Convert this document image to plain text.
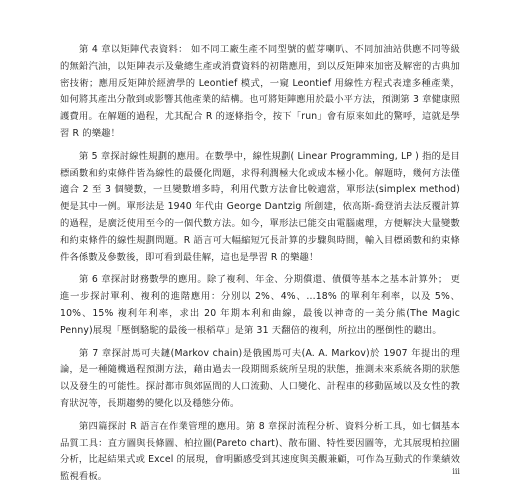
第 4 章以矩陣代表資料： 如不同工廠生產不同型號的藍芽喇叭、不同加油站供應不同等級的無鉛汽油，以矩陣表示及彙總生產或消費資料的初階應用，到以反矩陣來加密及解密的古典加密技術；應用反矩陣於經濟學的 Leontief 模式，一窺 Leontief 用線性方程式表達多種產業，如何將其產出分散到或影響其他產業的結構。也可將矩陣應用於最小平方法，預測第 3 章健康照護費用。在解題的過程，尤其配合 R 的逐條指令，按下「run」會有原來如此的驚呼，這就是學習 R 的樂趣！

第 5 章探討線性規劃的應用。在數學中，線性規劃( Linear Programming, LP ) 指的是目標函數和約束條件皆為線性的最優化問題，求得利潤極大化或成本極小化。解題時，幾何方法僅適合 2 至 3 個變數，一旦變數增多時，利用代數方法會比較適當，單形法(simplex method)便是其中一例。單形法是 1940 年代由 George Dantzig 所創建，依高斯-喬登消去法反覆計算的過程，是廣泛使用至今的一個代數方法。如今，單形法已能交由電腦處理，方便解決大量變數和約束條件的線性規劃問題。R 語言可大幅縮短冗長計算的步驟與時間，輸入目標函數和約束條件各係數及參數後，即可看到最佳解，這也是學習 R 的樂趣！

第 6 章探討財務數學的應用。除了複利、年金、分期償還、債價等基本之基本計算外； 更進一步探討單利、複利的進階應用：分別以 2%、4%、...18% 的單利年利率，以及 5%、10%、15% 複利年利率，求出 20 年期本利和曲線，最後以神奇的一美分熊(The Magic Penny)展現「壓倒駱駝的最後一根稻草」是第 31 天翻倍的複利，所拉出的壓倒性的聽出。

第 7 章探討馬可夫鏈(Markov chain)是俄國馬可夫(A. A. Markov)於 1907 年提出的理論，是一種隨機過程預測方法，藉由過去一段期間系統所呈現的狀態，推測未來系統各期的狀態以及發生的可能性。探討都市與郊區間的人口流動、人口變化、計程車的移動區域以及女性的教育狀況等，長期趨勢的變化以及穩態分佈。

第四篇探討 R 語言在作業管理的應用。第 8 章探討流程分析、資料分析工具，如七個基本品質工具：直方圖與長條圖、柏拉圖(Pareto chart)、散布圖、特性要因圖等，尤其展現柏拉圖分析，比起結果式或 Excel 的展現，會明顯感受到其速度與美觀兼顧，可作為互動式的作業績效監視看板。	iii
